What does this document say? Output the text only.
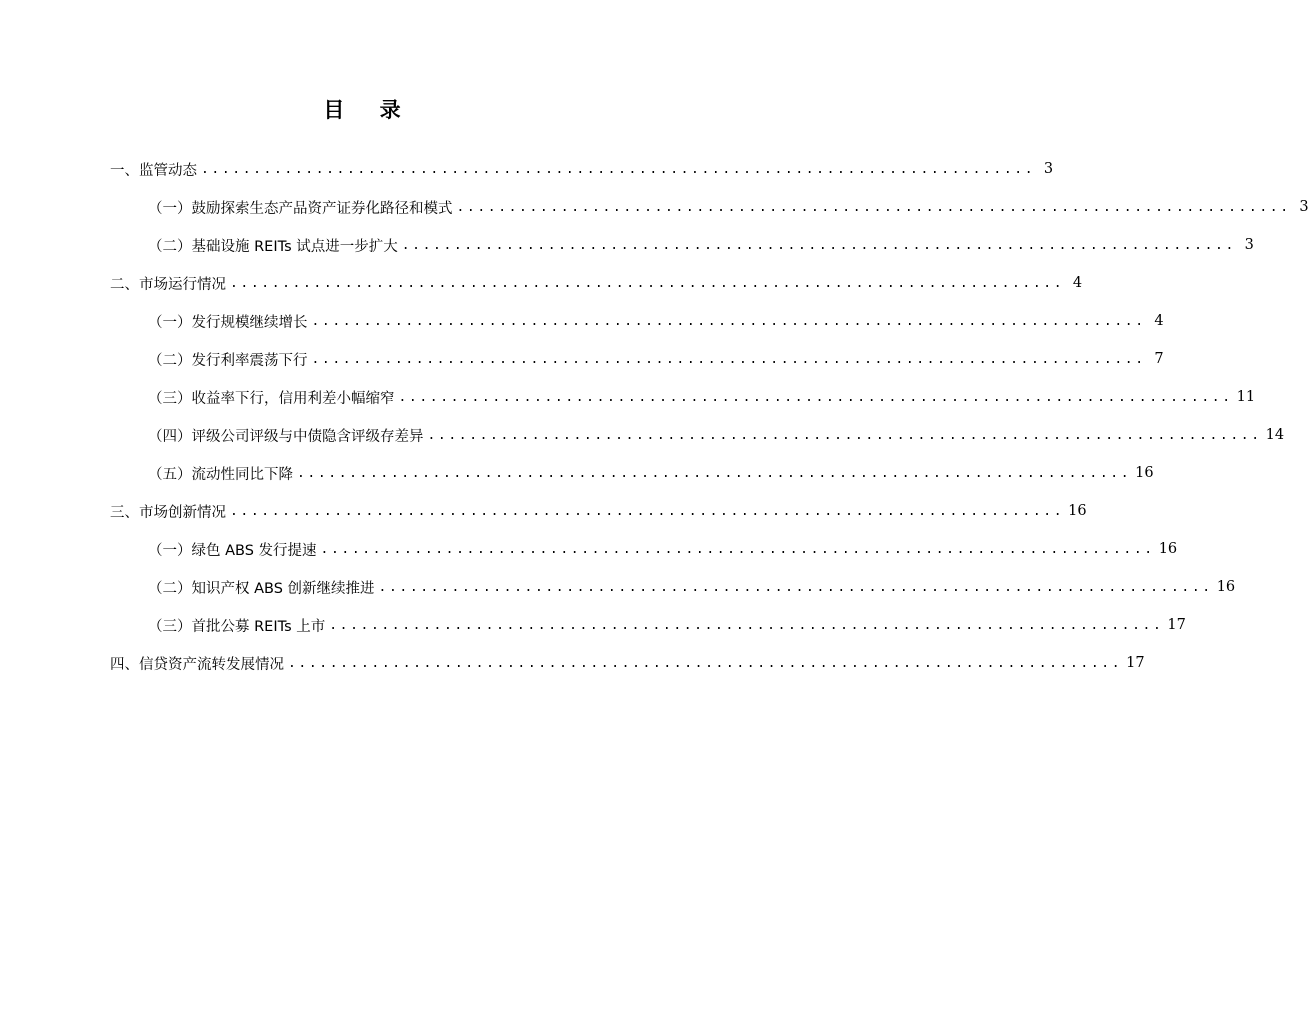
目 录
一、监管动态 ................................................................................ 3
（一）鼓励探索生态产品资产证券化路径和模式 ................................................................................ 3
（二）基础设施 REITs 试点进一步扩大 ................................................................................ 3
二、市场运行情况 ................................................................................ 4
（一）发行规模继续增长 ................................................................................ 4
（二）发行利率震荡下行 ................................................................................ 7
（三）收益率下行，信用利差小幅缩窄 ................................................................................ 11
（四）评级公司评级与中债隐含评级存差异 ................................................................................ 14
（五）流动性同比下降 ................................................................................ 16
三、市场创新情况 ................................................................................ 16
（一）绿色 ABS 发行提速 ................................................................................ 16
（二）知识产权 ABS 创新继续推进 ................................................................................ 16
（三）首批公募 REITs 上市 ................................................................................ 17
四、信贷资产流转发展情况 ................................................................................ 17
